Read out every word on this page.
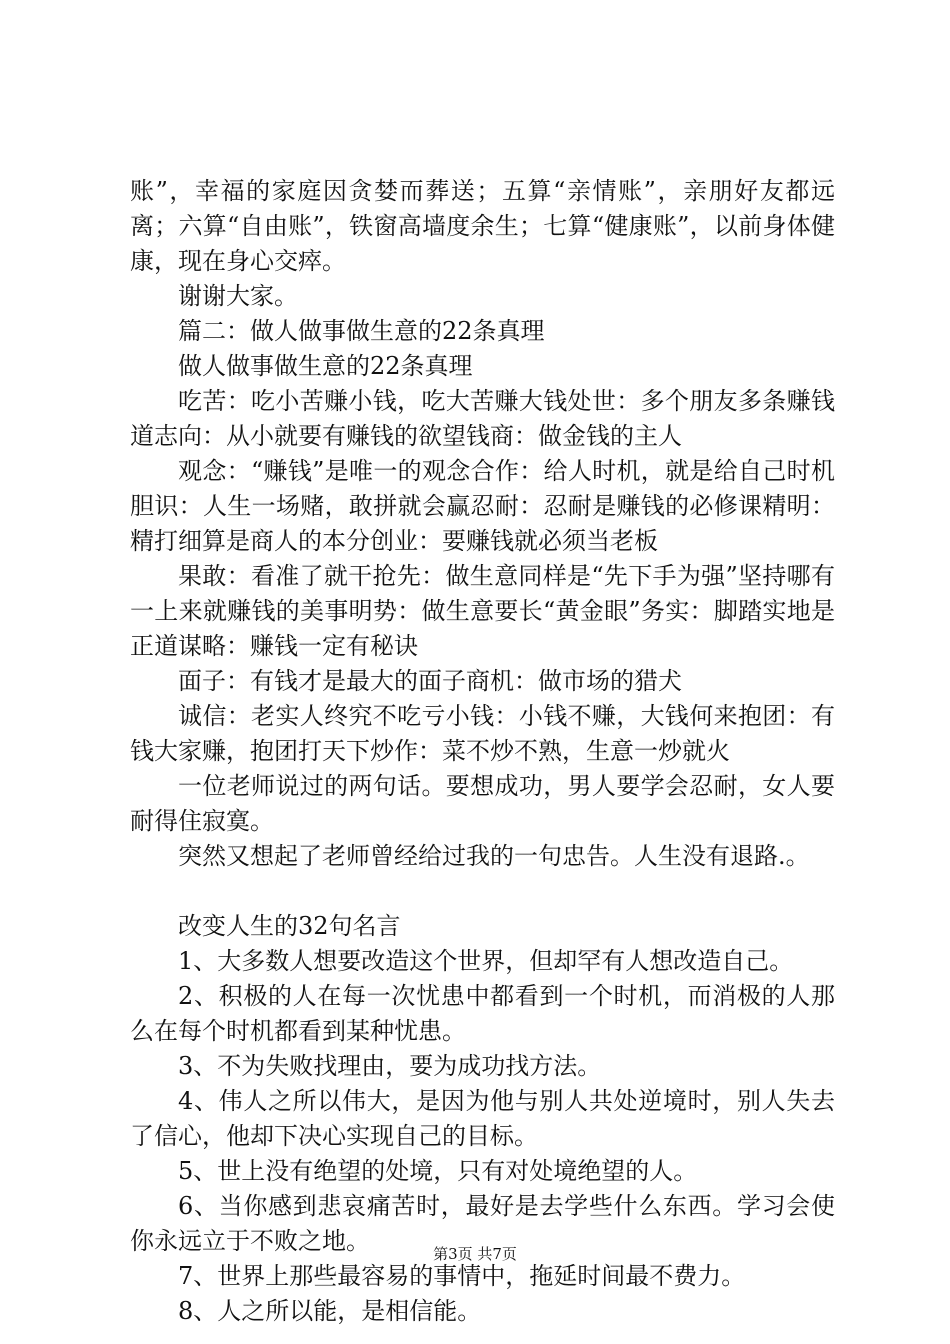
账”，幸福的家庭因贪婪而葬送；五算“亲情账”，亲朋好友都远离；六算“自由账”，铁窗高墙度余生；七算“健康账”，以前身体健康，现在身心交瘁。

谢谢大家。

篇二：做人做事做生意的22条真理

做人做事做生意的22条真理

吃苦：吃小苦赚小钱，吃大苦赚大钱处世：多个朋友多条赚钱道志向：从小就要有赚钱的欲望钱商：做金钱的主人

观念：“赚钱”是唯一的观念合作：给人时机，就是给自己时机胆识：人生一场赌，敢拼就会赢忍耐：忍耐是赚钱的必修课精明：精打细算是商人的本分创业：要赚钱就必须当老板

果敢：看准了就干抢先：做生意同样是“先下手为强”坚持哪有一上来就赚钱的美事明势：做生意要长“黄金眼”务实：脚踏实地是正道谋略：赚钱一定有秘诀

面子：有钱才是最大的面子商机：做市场的猎犬

诚信：老实人终究不吃亏小钱：小钱不赚，大钱何来抱团：有钱大家赚，抱团打天下炒作：菜不炒不熟，生意一炒就火

一位老师说过的两句话。要想成功，男人要学会忍耐，女人要耐得住寂寞。

突然又想起了老师曾经给过我的一句忠告。人生没有退路.。

改变人生的32句名言

1、大多数人想要改造这个世界，但却罕有人想改造自己。

2、积极的人在每一次忧患中都看到一个时机，而消极的人那么在每个时机都看到某种忧患。

3、不为失败找理由，要为成功找方法。

4、伟人之所以伟大，是因为他与别人共处逆境时，别人失去了信心，他却下决心实现自己的目标。

5、世上没有绝望的处境，只有对处境绝望的人。

6、当你感到悲哀痛苦时，最好是去学些什么东西。学习会使你永远立于不败之地。

7、世界上那些最容易的事情中，拖延时间最不费力。

8、人之所以能，是相信能。

第3页 共7页
